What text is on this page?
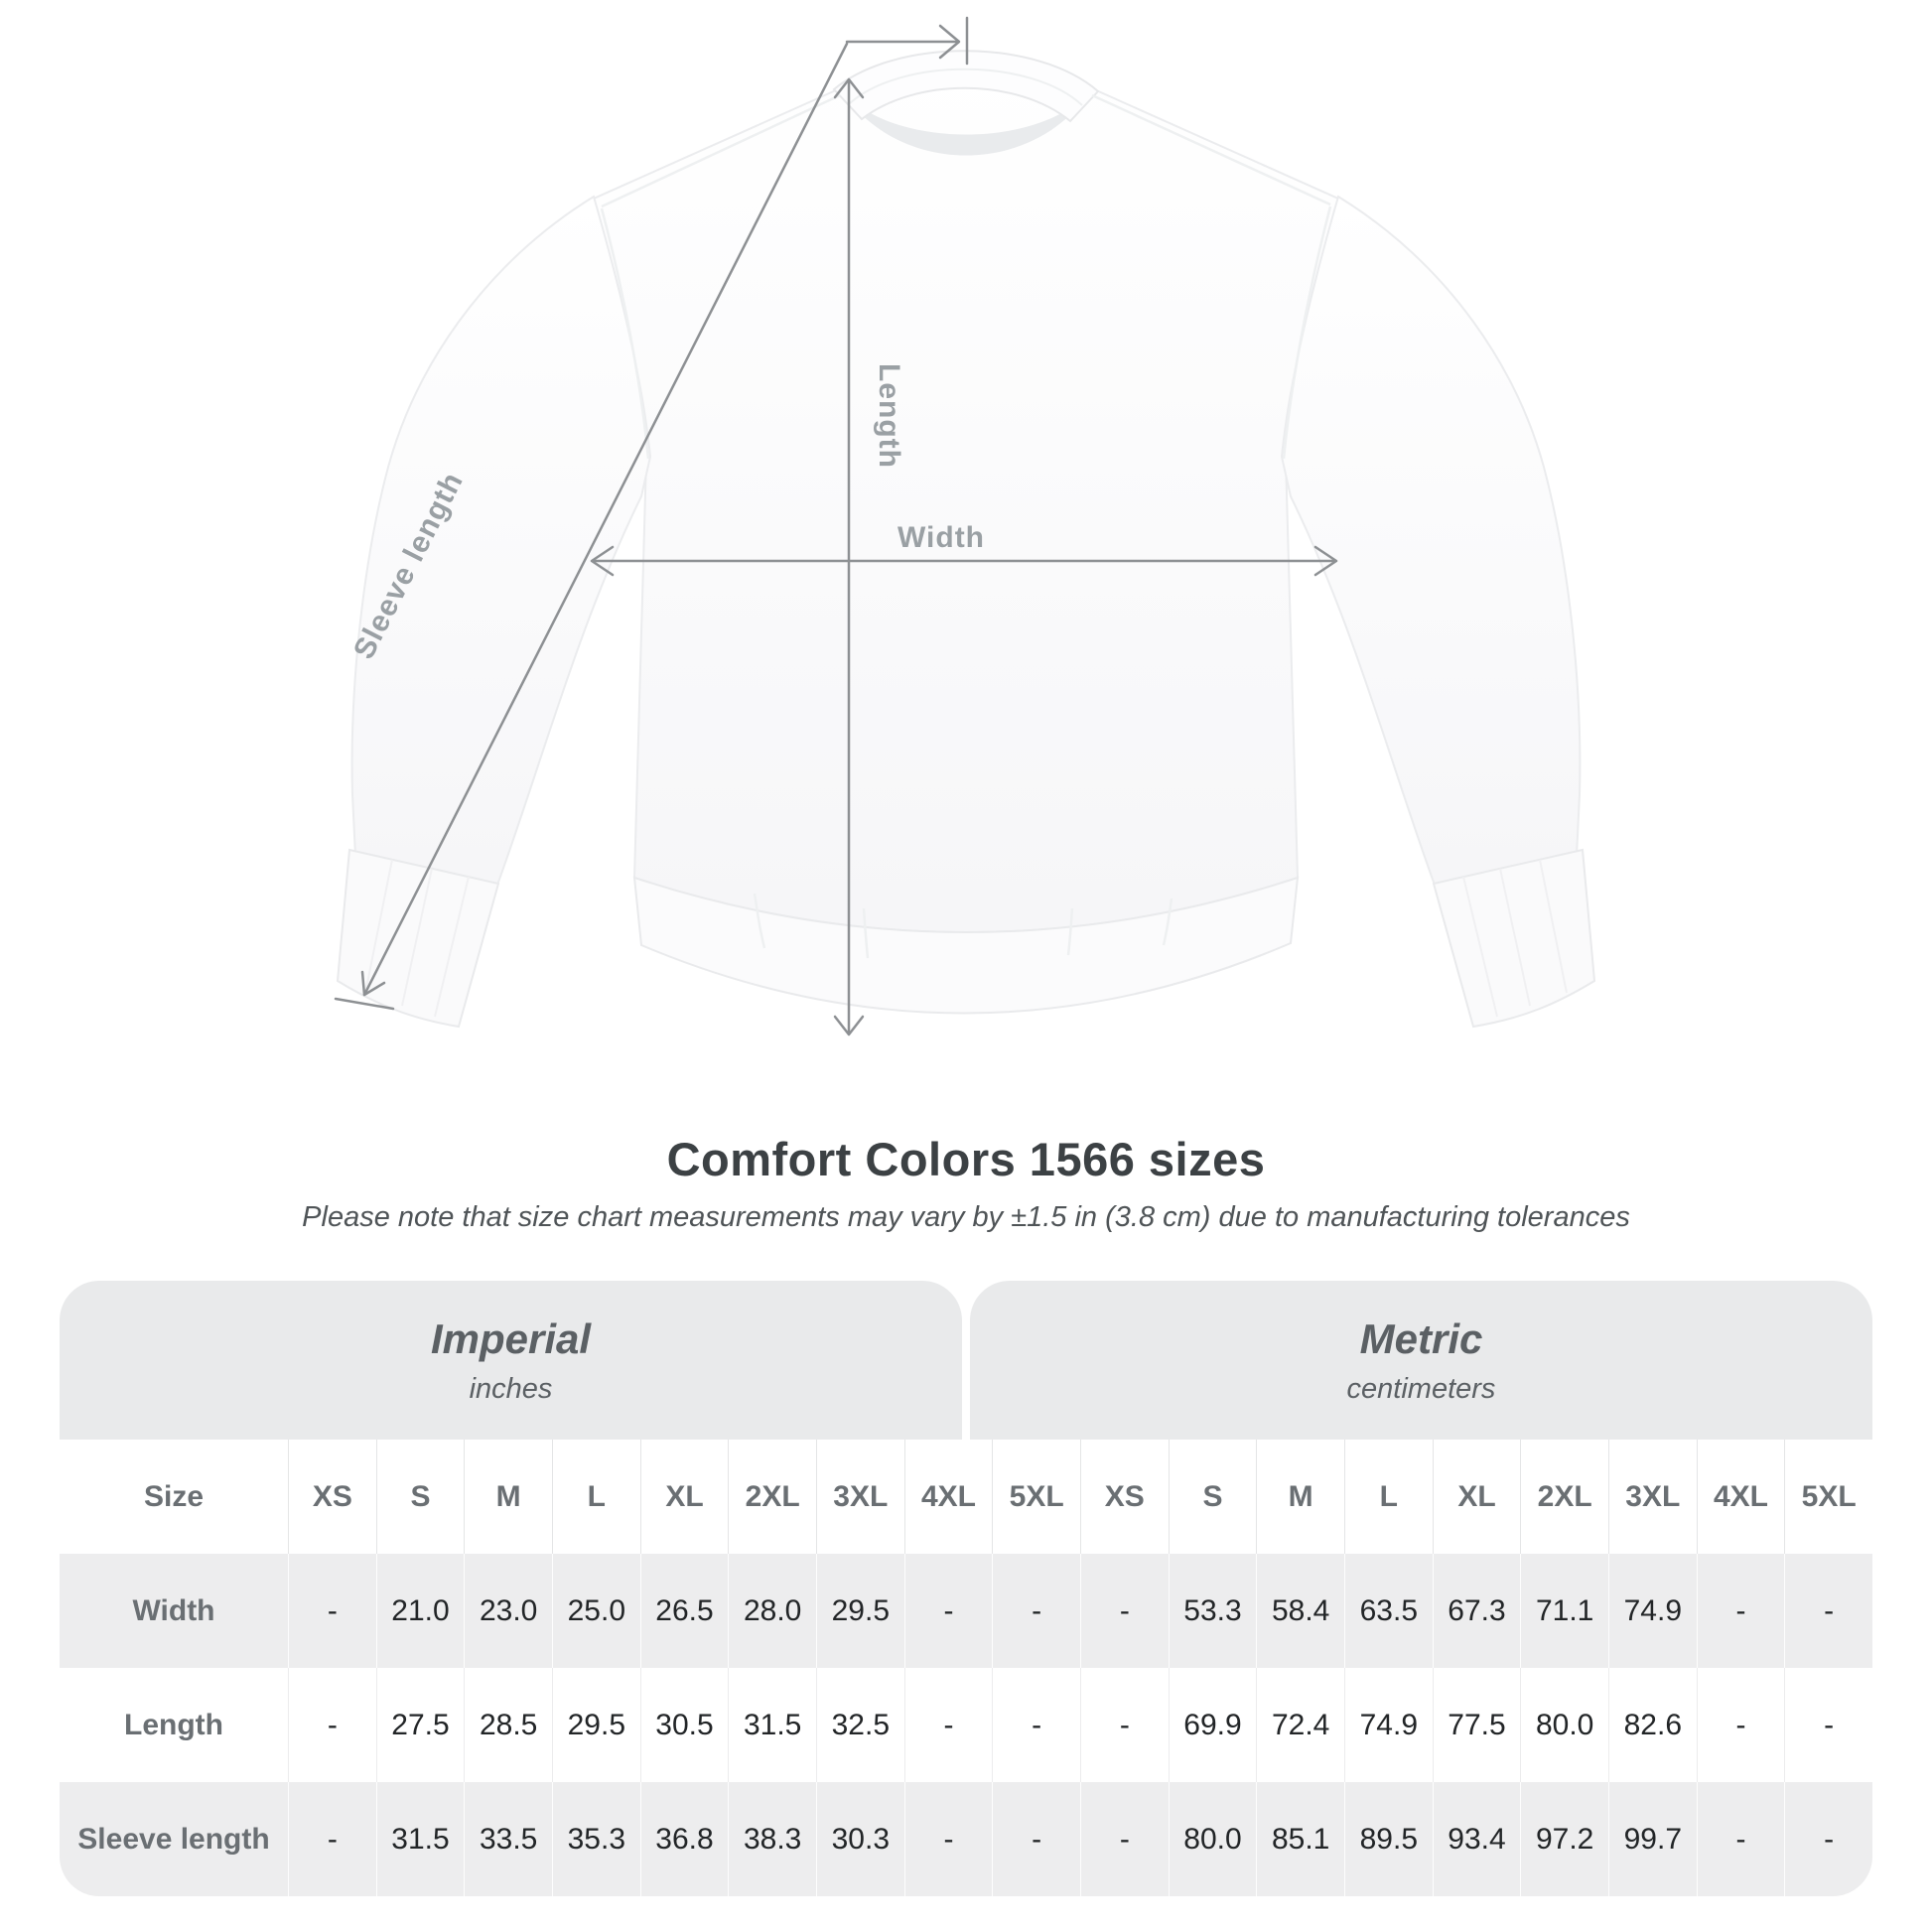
Length
Width
Sleeve length
Comfort Colors 1566 sizes
Please note that size chart measurements may vary by ±1.5 in (3.8 cm) due to manufacturing tolerances
Imperial
inches
Metric
centimeters
Size	XS	S	M	L	XL	2XL	3XL	4XL	5XL	XS	S	M	L	XL	2XL	3XL	4XL	5XL
Width	-	21.0	23.0	25.0	26.5	28.0	29.5	-	-	-	53.3	58.4	63.5	67.3	71.1	74.9	-	-
Length	-	27.5	28.5	29.5	30.5	31.5	32.5	-	-	-	69.9	72.4	74.9	77.5	80.0	82.6	-	-
Sleeve length	-	31.5	33.5	35.3	36.8	38.3	30.3	-	-	-	80.0	85.1	89.5	93.4	97.2	99.7	-	-
